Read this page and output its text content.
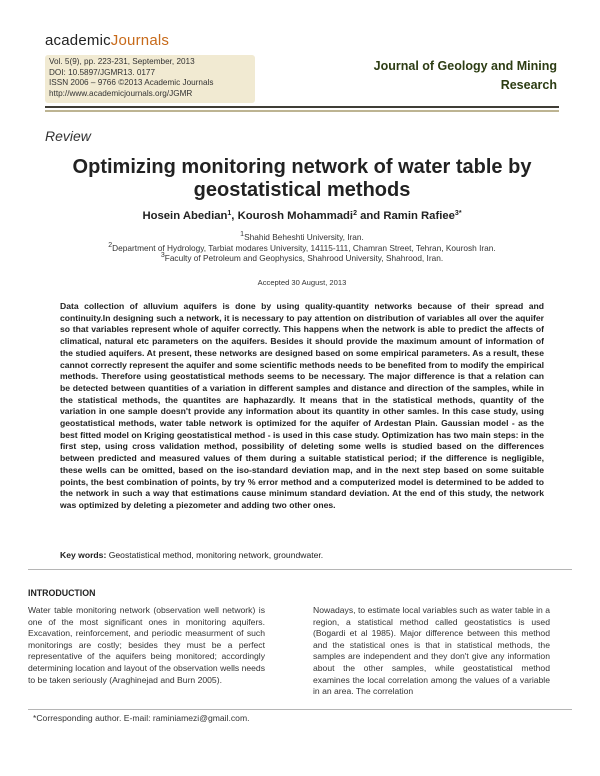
academicJournals
Vol. 5(9), pp. 223-231, September, 2013
DOI: 10.5897/JGMR13. 0177
ISSN 2006 – 9766 ©2013 Academic Journals
http://www.academicjournals.org/JGMR
Journal of Geology and Mining
Research
Review
Optimizing monitoring network of water table by
geostatistical methods
Hosein Abedian$^1$, Kourosh Mohammadi$^2$ and Ramin Rafiee$^{3*}$
$^1$Shahid Beheshti University, Iran.
$^2$Department of Hydrology, Tarbiat modares University, 14115-111, Chamran Street, Tehran, Kourosh Iran.
$^3$Faculty of Petroleum and Geophysics, Shahrood University, Shahrood, Iran.
Accepted 30 August, 2013
Data collection of alluvium aquifers is done by using quality-quantity networks because of their spread and continuity.In designing such a network, it is necessary to pay attention on distribution of variables all over the aquifer so that variables represent whole of aquifer correctly. This happens when the network is able to predict the affects of climatical, natural etc parameters on the aquifers. Besides it should provide the maximum amount of information of the studied aquifers. At present, these networks are designed based on some empirical parameters. As a result, these cannot correctly represent the aquifer and some scientific methods needs to be benefited from to modify the empirical methods. Therefore using geostatistical methods seems to be necessary. The major difference is that a relation can be detected between quantities of a variation in different samples and distance and direction of the samples, while in the statistical methods, the quantites are haphazardly. It means that in the statistical methods, quantity of the variation in one sample doesn't provide any information about its quantity in other samles. In this case study, using geostatistical methods, water table network is optimized for the aquifer of Ardestan Plain. Gaussian model - as the best fitted model on Kriging geostatistical method - is used in this case study. Optimization has two main steps: in the first step, using cross validation method, possibility of deleting some wells is studied based on the differences between predicted and measured values of them during a suitable statistical period; if the difference is negligible, these wells can be omitted, based on the iso-standard deviation map, and in the next step based on some suitable points, the best combination of points, by try % error method and a computerized model is determined to be added to the network in such a way that estimations cause minimum standard deviation. At the end of this study, the network was optimized by deleting a piezometer and adding two other ones.
Key words: Geostatistical method, monitoring network, groundwater.
INTRODUCTION
Water table monitoring network (observation well network) is one of the most significant ones in monitoring aquifers. Excavation, reinforcement, and periodic measurment of such monitorings are costly; besides they must be a perfect representative of the aquifers being monitored; accordingly determining location and layout of the observation wells needs to be taken seriously (Araghinejad and Burn 2005).
Nowadays, to estimate local variables such as water table in a region, a statistical method called geostatistics is used (Bogardi et al 1985). Major difference between this method and the statistical ones is that in statistical methods, the samples are independent and they don't give any information about the other samples, while geostatistical method examines the local correlation among the values of a variable in an area. The correlation
*Corresponding author. E-mail: raminiamezi@gmail.com.
